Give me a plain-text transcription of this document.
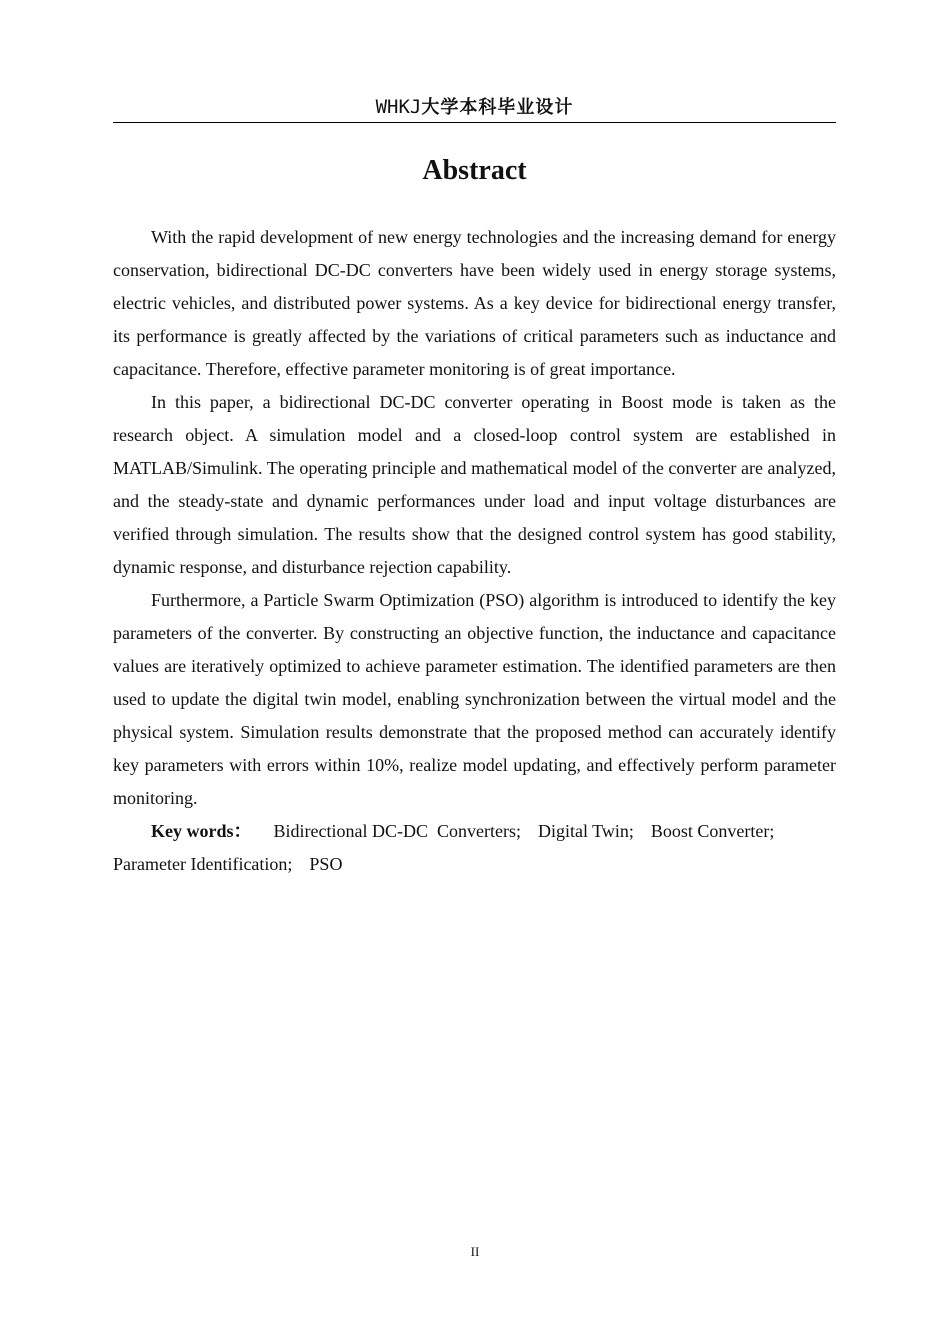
WHKJ大学本科毕业设计
Abstract

With the rapid development of new energy technologies and the increasing demand for energy conservation, bidirectional DC-DC converters have been widely used in energy storage systems, electric vehicles, and distributed power systems. As a key device for bidirectional energy transfer, its performance is greatly affected by the variations of critical parameters such as inductance and capacitance. Therefore, effective parameter monitoring is of great importance.

In this paper, a bidirectional DC-DC converter operating in Boost mode is taken as the research object. A simulation model and a closed-loop control system are established in MATLAB/Simulink. The operating principle and mathematical model of the converter are analyzed, and the steady-state and dynamic performances under load and input voltage disturbances are verified through simulation. The results show that the designed control system has good stability, dynamic response, and disturbance rejection capability.

Furthermore, a Particle Swarm Optimization (PSO) algorithm is introduced to identify the key parameters of the converter. By constructing an objective function, the inductance and capacitance values are iteratively optimized to achieve parameter estimation. The identified parameters are then used to update the digital twin model, enabling synchronization between the virtual model and the physical system. Simulation results demonstrate that the proposed method can accurately identify key parameters with errors within 10%, realize model updating, and effectively perform parameter monitoring.

Key words： Bidirectional DC-DC  Converters; Digital Twin; Boost Converter;
Parameter Identification; PSO

II
